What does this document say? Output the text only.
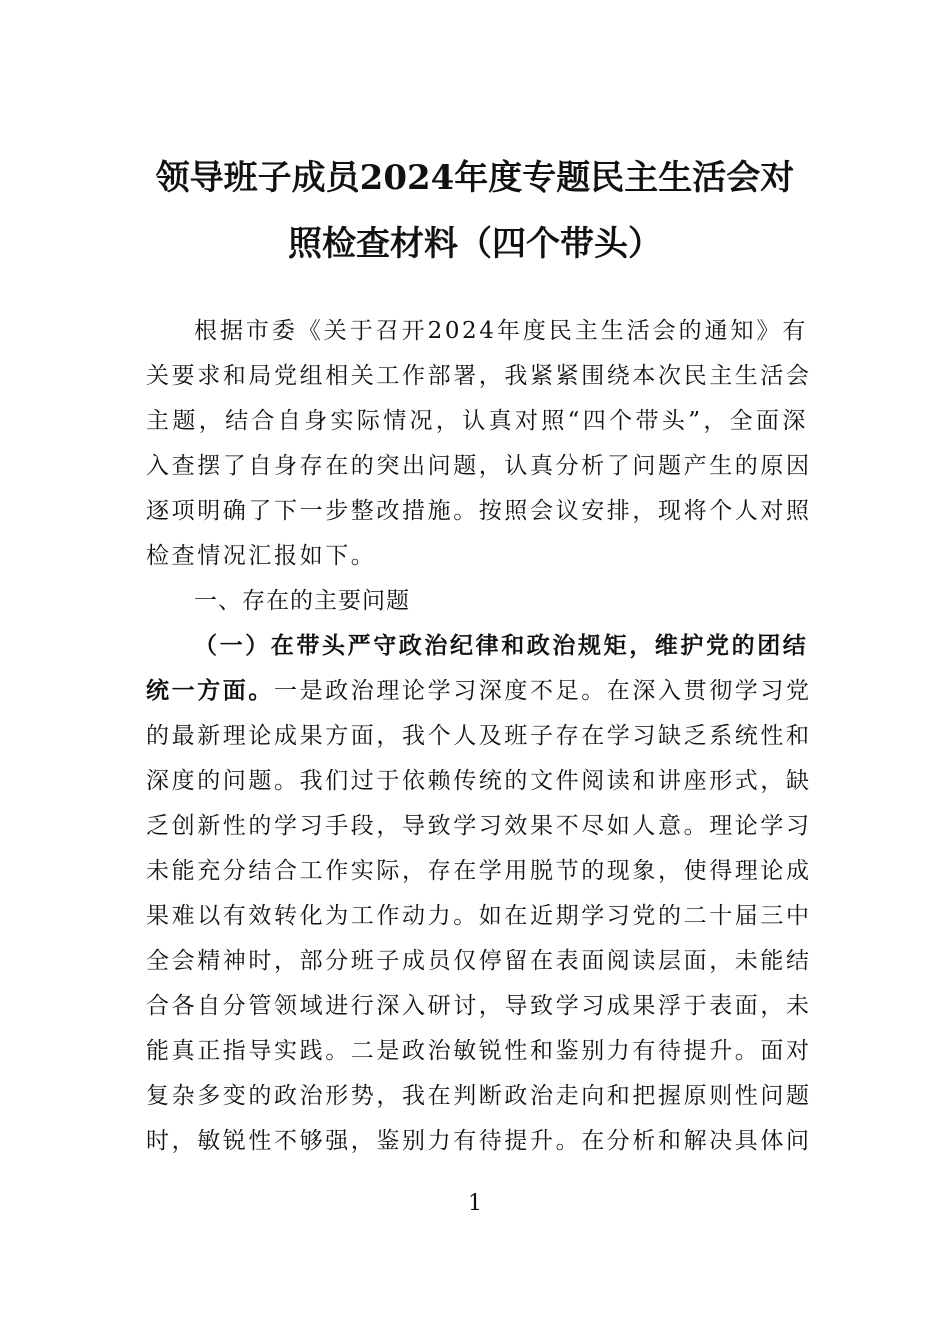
领导班子成员2024年度专题民主生活会对
照检查材料（四个带头）
根据市委《关于召开2024年度民主生活会的通知》有
关要求和局党组相关工作部署，我紧紧围绕本次民主生活会
主题，结合自身实际情况，认真对照“四个带头”，全面深
入查摆了自身存在的突出问题，认真分析了问题产生的原因
逐项明确了下一步整改措施。按照会议安排，现将个人对照
检查情况汇报如下。
一、存在的主要问题
（一）在带头严守政治纪律和政治规矩，维护党的团结
统一方面。一是政治理论学习深度不足。在深入贯彻学习党
的最新理论成果方面，我个人及班子存在学习缺乏系统性和
深度的问题。我们过于依赖传统的文件阅读和讲座形式，缺
乏创新性的学习手段，导致学习效果不尽如人意。理论学习
未能充分结合工作实际，存在学用脱节的现象，使得理论成
果难以有效转化为工作动力。如在近期学习党的二十届三中
全会精神时，部分班子成员仅停留在表面阅读层面，未能结
合各自分管领域进行深入研讨，导致学习成果浮于表面，未
能真正指导实践。二是政治敏锐性和鉴别力有待提升。面对
复杂多变的政治形势，我在判断政治走向和把握原则性问题
时，敏锐性不够强，鉴别力有待提升。在分析和解决具体问
1
